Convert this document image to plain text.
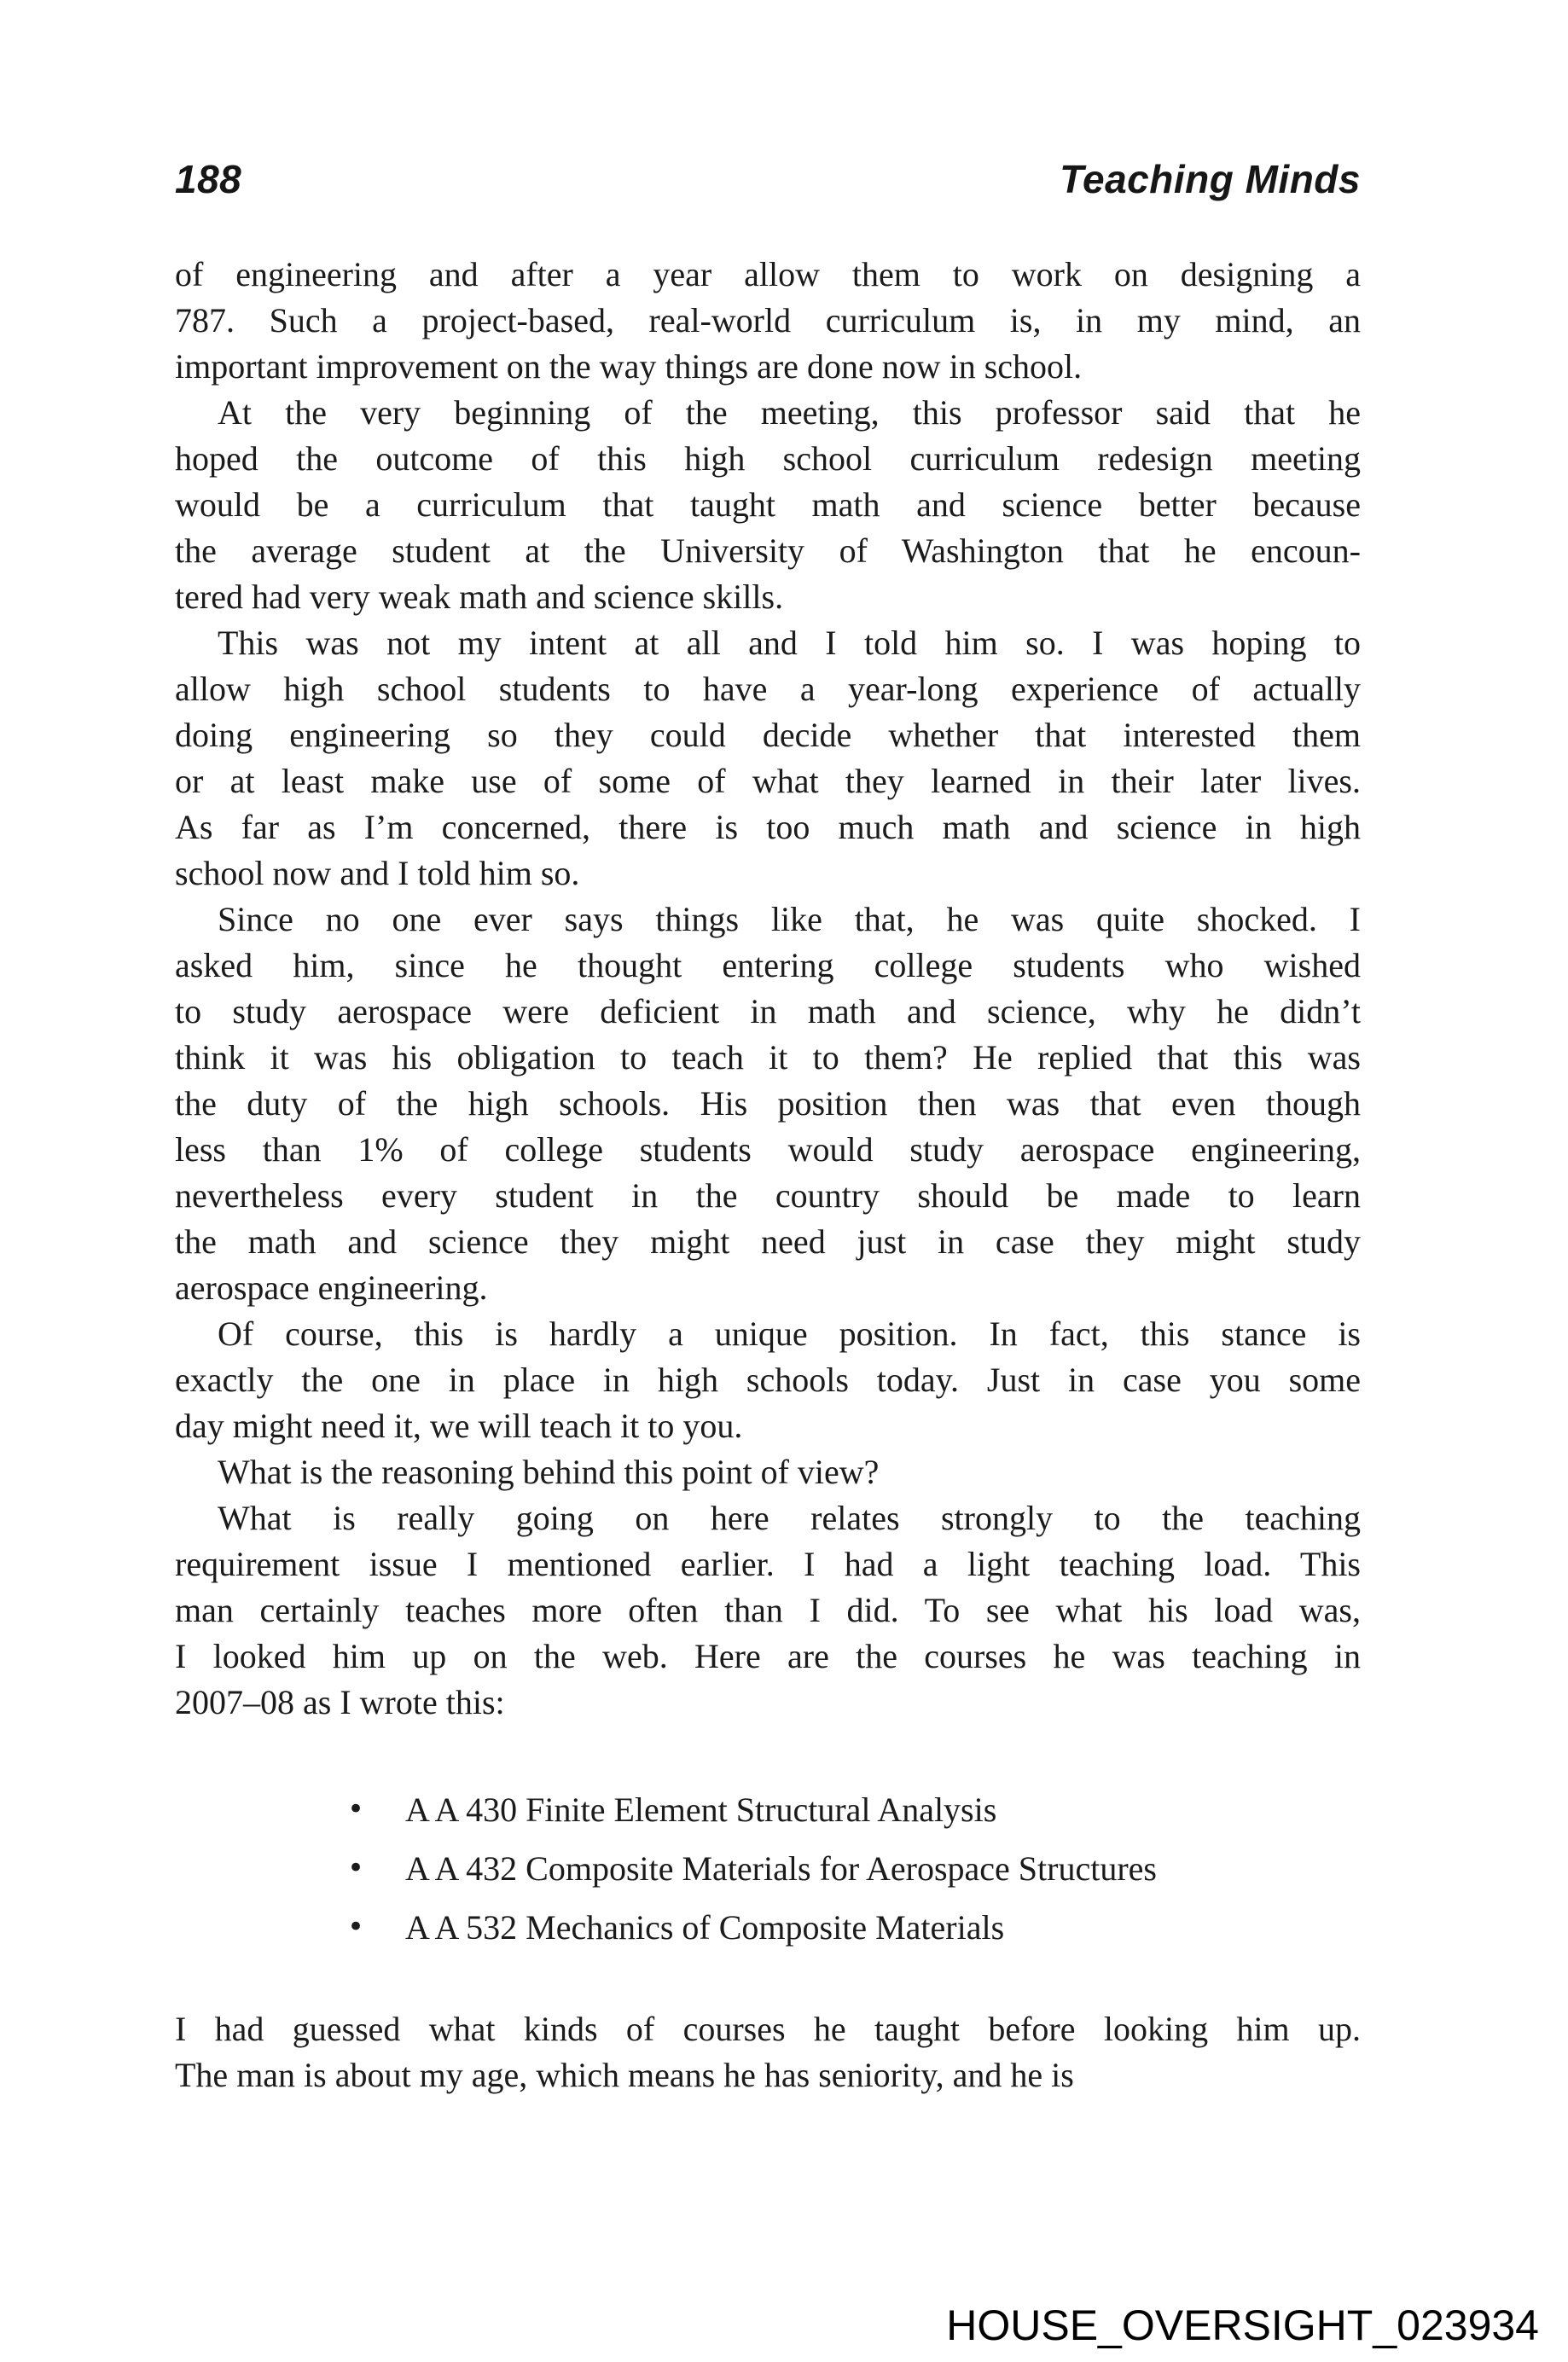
188	Teaching Minds
of engineering and after a year allow them to work on designing a
787. Such a project-based, real-world curriculum is, in my mind, an
important improvement on the way things are done now in school.
At the very beginning of the meeting, this professor said that he
hoped the outcome of this high school curriculum redesign meeting
would be a curriculum that taught math and science better because
the average student at the University of Washington that he encoun-
tered had very weak math and science skills.
This was not my intent at all and I told him so. I was hoping to
allow high school students to have a year-long experience of actually
doing engineering so they could decide whether that interested them
or at least make use of some of what they learned in their later lives.
As far as I’m concerned, there is too much math and science in high
school now and I told him so.
Since no one ever says things like that, he was quite shocked. I
asked him, since he thought entering college students who wished
to study aerospace were deficient in math and science, why he didn’t
think it was his obligation to teach it to them? He replied that this was
the duty of the high schools. His position then was that even though
less than 1% of college students would study aerospace engineering,
nevertheless every student in the country should be made to learn
the math and science they might need just in case they might study
aerospace engineering.
Of course, this is hardly a unique position. In fact, this stance is
exactly the one in place in high schools today. Just in case you some
day might need it, we will teach it to you.
What is the reasoning behind this point of view?
What is really going on here relates strongly to the teaching
requirement issue I mentioned earlier. I had a light teaching load. This
man certainly teaches more often than I did. To see what his load was,
I looked him up on the web. Here are the courses he was teaching in
2007–08 as I wrote this:
• A A 430 Finite Element Structural Analysis
• A A 432 Composite Materials for Aerospace Structures
• A A 532 Mechanics of Composite Materials
I had guessed what kinds of courses he taught before looking him up.
The man is about my age, which means he has seniority, and he is
HOUSE_OVERSIGHT_023934
